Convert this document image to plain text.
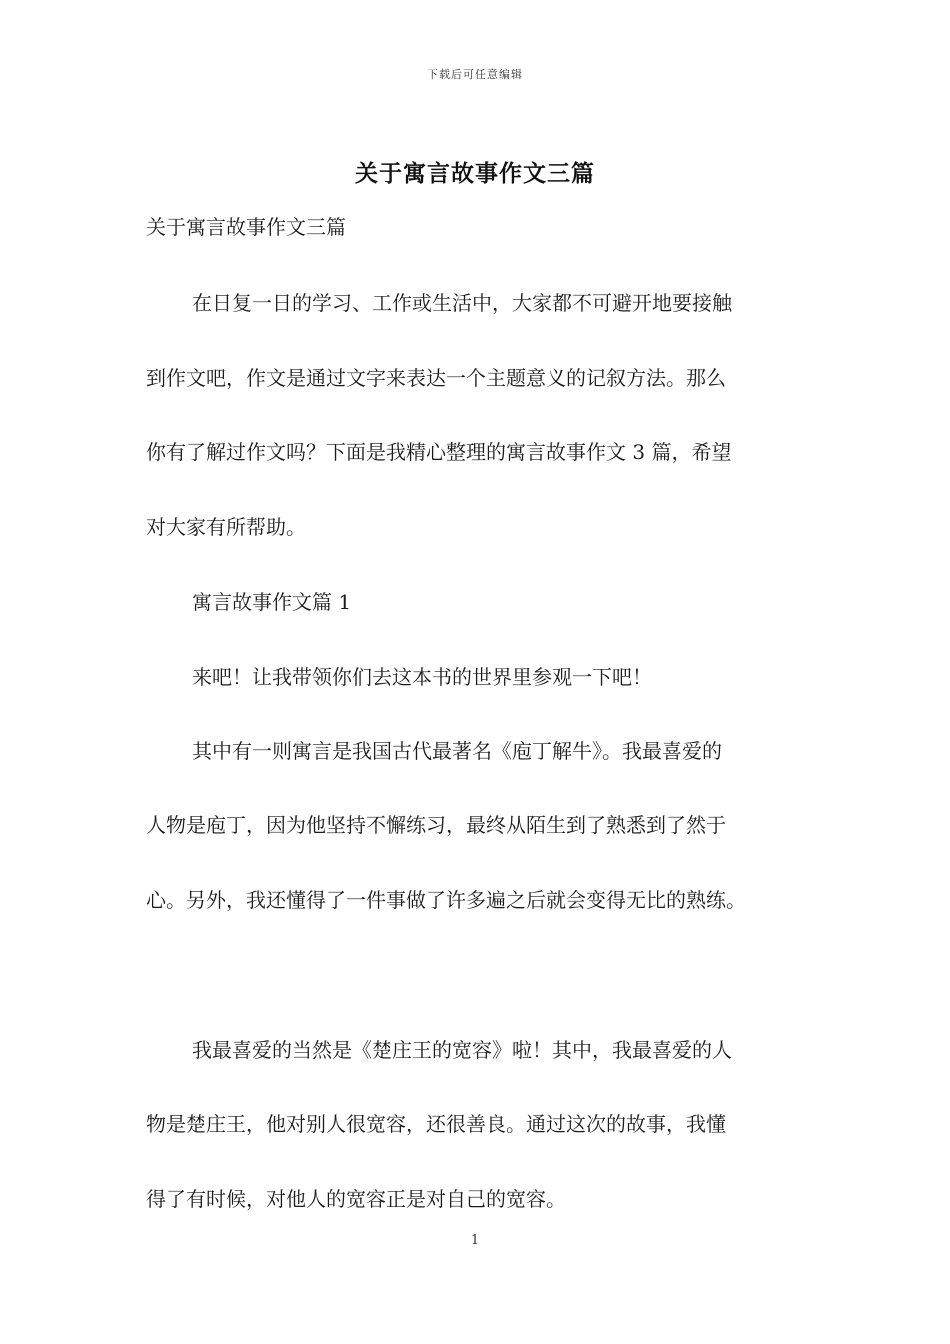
下载后可任意编辑
关于寓言故事作文三篇
关于寓言故事作文三篇
在日复一日的学习、工作或生活中，大家都不可避开地要接触
到作文吧，作文是通过文字来表达一个主题意义的记叙方法。那么
你有了解过作文吗？下面是我精心整理的寓言故事作文 3 篇，希望
对大家有所帮助。
寓言故事作文篇 1
来吧！让我带领你们去这本书的世界里参观一下吧！
其中有一则寓言是我国古代最著名《庖丁解牛》。我最喜爱的
人物是庖丁，因为他坚持不懈练习，最终从陌生到了熟悉到了然于
心。另外，我还懂得了一件事做了许多遍之后就会变得无比的熟练。
我最喜爱的当然是《楚庄王的宽容》啦！其中，我最喜爱的人
物是楚庄王，他对别人很宽容，还很善良。通过这次的故事，我懂
得了有时候，对他人的宽容正是对自己的宽容。
1
